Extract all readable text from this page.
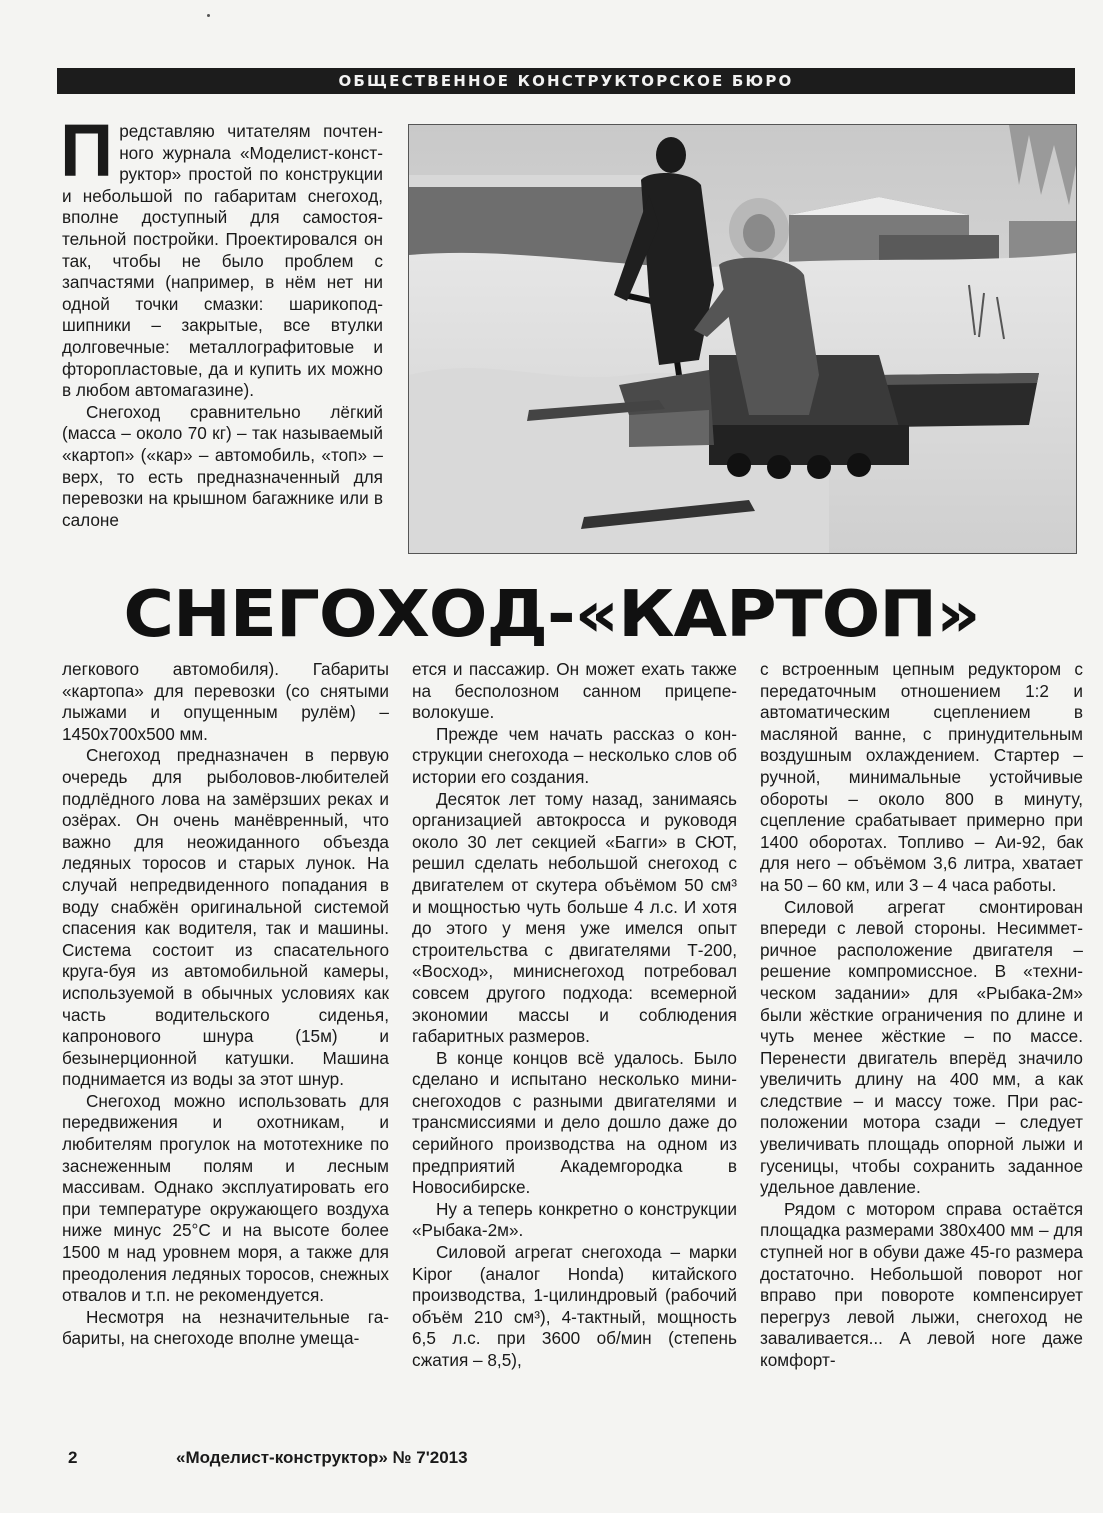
ОБЩЕСТВЕННОЕ КОНСТРУКТОРСКОЕ БЮРО

Представляю читателям почтенного журнала «Моделист-конструктор» простой по конструкции и небольшой по габаритам снегоход, вполне доступный для самостоятельной постройки. Проектировался он так, чтобы не было проблем с запчастями (например, в нём нет ни одной точки смазки: шарикоподшипники – закрытые, все втулки долговечные: металлографитовые и фторопластовые, да и купить их можно в любом автомагазине).

Снегоход сравнительно лёгкий (масса – около 70 кг) – так называемый «картоп» («кар» – автомобиль, «топ» – верх, то есть предназначенный для перевозки на крышном багажнике или в салоне

СНЕГОХОД-«КАРТОП»

легкового автомобиля). Габариты «картопа» для перевозки (со снятыми лыжами и опущенным рулём) – 1450х700х500 мм.

Снегоход предназначен в первую очередь для рыболовов-любителей подлёдного лова на замёрзших реках и озёрах. Он очень манёвренный, что важно для неожиданного объезда ледяных торосов и старых лунок. На случай непредвиденного попадания в воду снабжён оригинальной системой спасения как водителя, так и машины. Система состоит из спасательного круга-буя из автомобильной камеры, используемой в обычных условиях как часть водительского сиденья, капронового шнура (15м) и безынерционной катушки. Машина поднимается из воды за этот шнур.

Снегоход можно использовать для передвижения и охотникам, и любителям прогулок на мототехнике по заснеженным полям и лесным массивам. Однако эксплуатировать его при температуре окружающего воздуха ниже минус 25°С и на высоте более 1500 м над уровнем моря, а также для преодоления ледяных торосов, снежных отвалов и т.п. не рекомендуется.

Несмотря на незначительные габариты, на снегоходе вполне умеща-

ется и пассажир. Он может ехать также на бесполозном санном прицепе-волокуше.

Прежде чем начать рассказ о конструкции снегохода – несколько слов об истории его создания.

Десяток лет тому назад, занимаясь организацией автокросса и руководя около 30 лет секцией «Багги» в СЮТ, решил сделать небольшой снегоход с двигателем от скутера объёмом 50 см³ и мощностью чуть больше 4 л.с. И хотя до этого у меня уже имелся опыт строительства с двигателями Т-200, «Восход», миниснегоход потребовал совсем другого подхода: всемерной экономии массы и соблюдения габаритных размеров.

В конце концов всё удалось. Было сделано и испытано несколько миниснегоходов с разными двигателями и трансмиссиями и дело дошло даже до серийного производства на одном из предприятий Академгородка в Новосибирске.

Ну а теперь конкретно о конструкции «Рыбака-2м».

Силовой агрегат снегохода – марки Kipor (аналог Honda) китайского производства, 1-цилиндровый (рабочий объём 210 см³), 4-тактный, мощность 6,5 л.с. при 3600 об/мин (степень сжатия – 8,5),

с встроенным цепным редуктором с передаточным отношением 1:2 и автоматическим сцеплением в масляной ванне, с принудительным воздушным охлаждением. Стартер – ручной, минимальные устойчивые обороты – около 800 в минуту, сцепление срабатывает примерно при 1400 оборотах. Топливо – Аи-92, бак для него – объёмом 3,6 литра, хватает на 50 – 60 км, или 3 – 4 часа работы.

Силовой агрегат смонтирован впереди с левой стороны. Несимметричное расположение двигателя – решение компромиссное. В «техническом задании» для «Рыбака-2м» были жёсткие ограничения по длине и чуть менее жёсткие – по массе. Перенести двигатель вперёд значило увеличить длину на 400 мм, а как следствие – и массу тоже. При расположении мотора сзади – следует увеличивать площадь опорной лыжи и гусеницы, чтобы сохранить заданное удельное давление.

Рядом с мотором справа остаётся площадка размерами 380х400 мм – для ступней ног в обуви даже 45-го размера достаточно. Небольшой поворот ног вправо при повороте компенсирует перегруз левой лыжи, снегоход не заваливается... А левой ноге даже комфорт-

2	«Моделист-конструктор» № 7'2013
